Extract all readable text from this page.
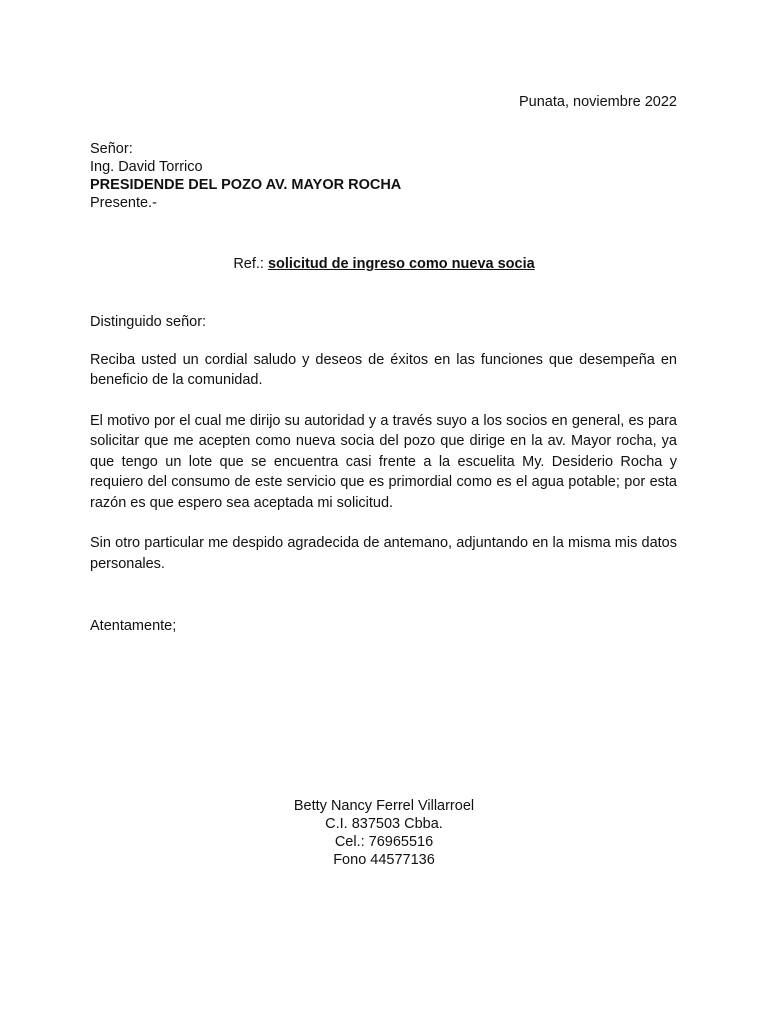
Punata, noviembre 2022
Señor:
Ing. David Torrico
PRESIDENDE DEL POZO AV. MAYOR ROCHA
Presente.-
Ref.: solicitud de ingreso como nueva socia

Distinguido señor:

Reciba usted un cordial saludo y deseos de éxitos en las funciones que desempeña en beneficio de la comunidad.

El motivo por el cual me dirijo su autoridad y a través suyo a los socios en general, es para solicitar que me acepten como nueva socia del pozo que dirige en la av. Mayor rocha, ya que tengo un lote que se encuentra casi frente a la escuelita My. Desiderio Rocha y requiero del consumo de este servicio que es primordial como es el agua potable; por esta razón es que espero sea aceptada mi solicitud.

Sin otro particular me despido agradecida de antemano, adjuntando en la misma mis datos personales.

Atentamente;
Betty Nancy Ferrel Villarroel
C.I. 837503 Cbba.
Cel.: 76965516
Fono 44577136
